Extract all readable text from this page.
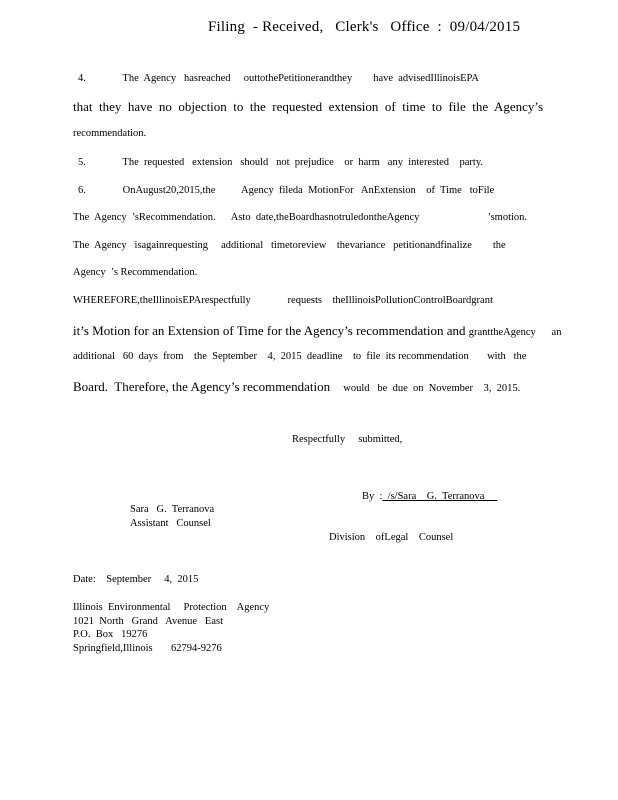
Filing  - Received,   Clerk's   Office  :  09/04/2015
4.              The  Agency   hasreached     outtothePetitionerandthey        have  advisedIllinoisEPA
that  they  have  no  objection  to  the  requested  extension  of  time  to  file  the  Agency’s
recommendation.
5.              The  requested   extension   should   not  prejudice    or  harm   any  interested    party.
6.              OnAugust20,2015,the          Agency  fileda  MotionFor   AnExtension    of  Time   toFile
The  Agency  ’sRecommendation.      Asto  date,theBoardhasnotruledontheAgency                          ’smotion.
The  Agency   isagainrequesting     additional   timetoreview    thevariance   petitionandfinalize        the
Agency  ’s Recommendation.
WHEREFORE,theIllinoisEPArespectfully              requests    theIllinoisPollutionControlBoardgrant
it’s Motion for an Extension of Time for the Agency’s recommendation and granttheAgency      an
additional   60  days  from    the  September    4,  2015  deadline    to  file  its recommendation       with   the
Board.  Therefore, the Agency’s recommendation     would   be  due  on  November    3,  2015.
Respectfully     submitted,
By  :_/s/Sara    G.  Terranova
Sara   G.  Terranova
Assistant   Counsel
Division    ofLegal    Counsel
Date:    September     4,  2015
Illinois  Environmental     Protection    Agency
1021  North   Grand   Avenue   East
P.O.  Box   19276
Springfield,Illinois       62794-9276
